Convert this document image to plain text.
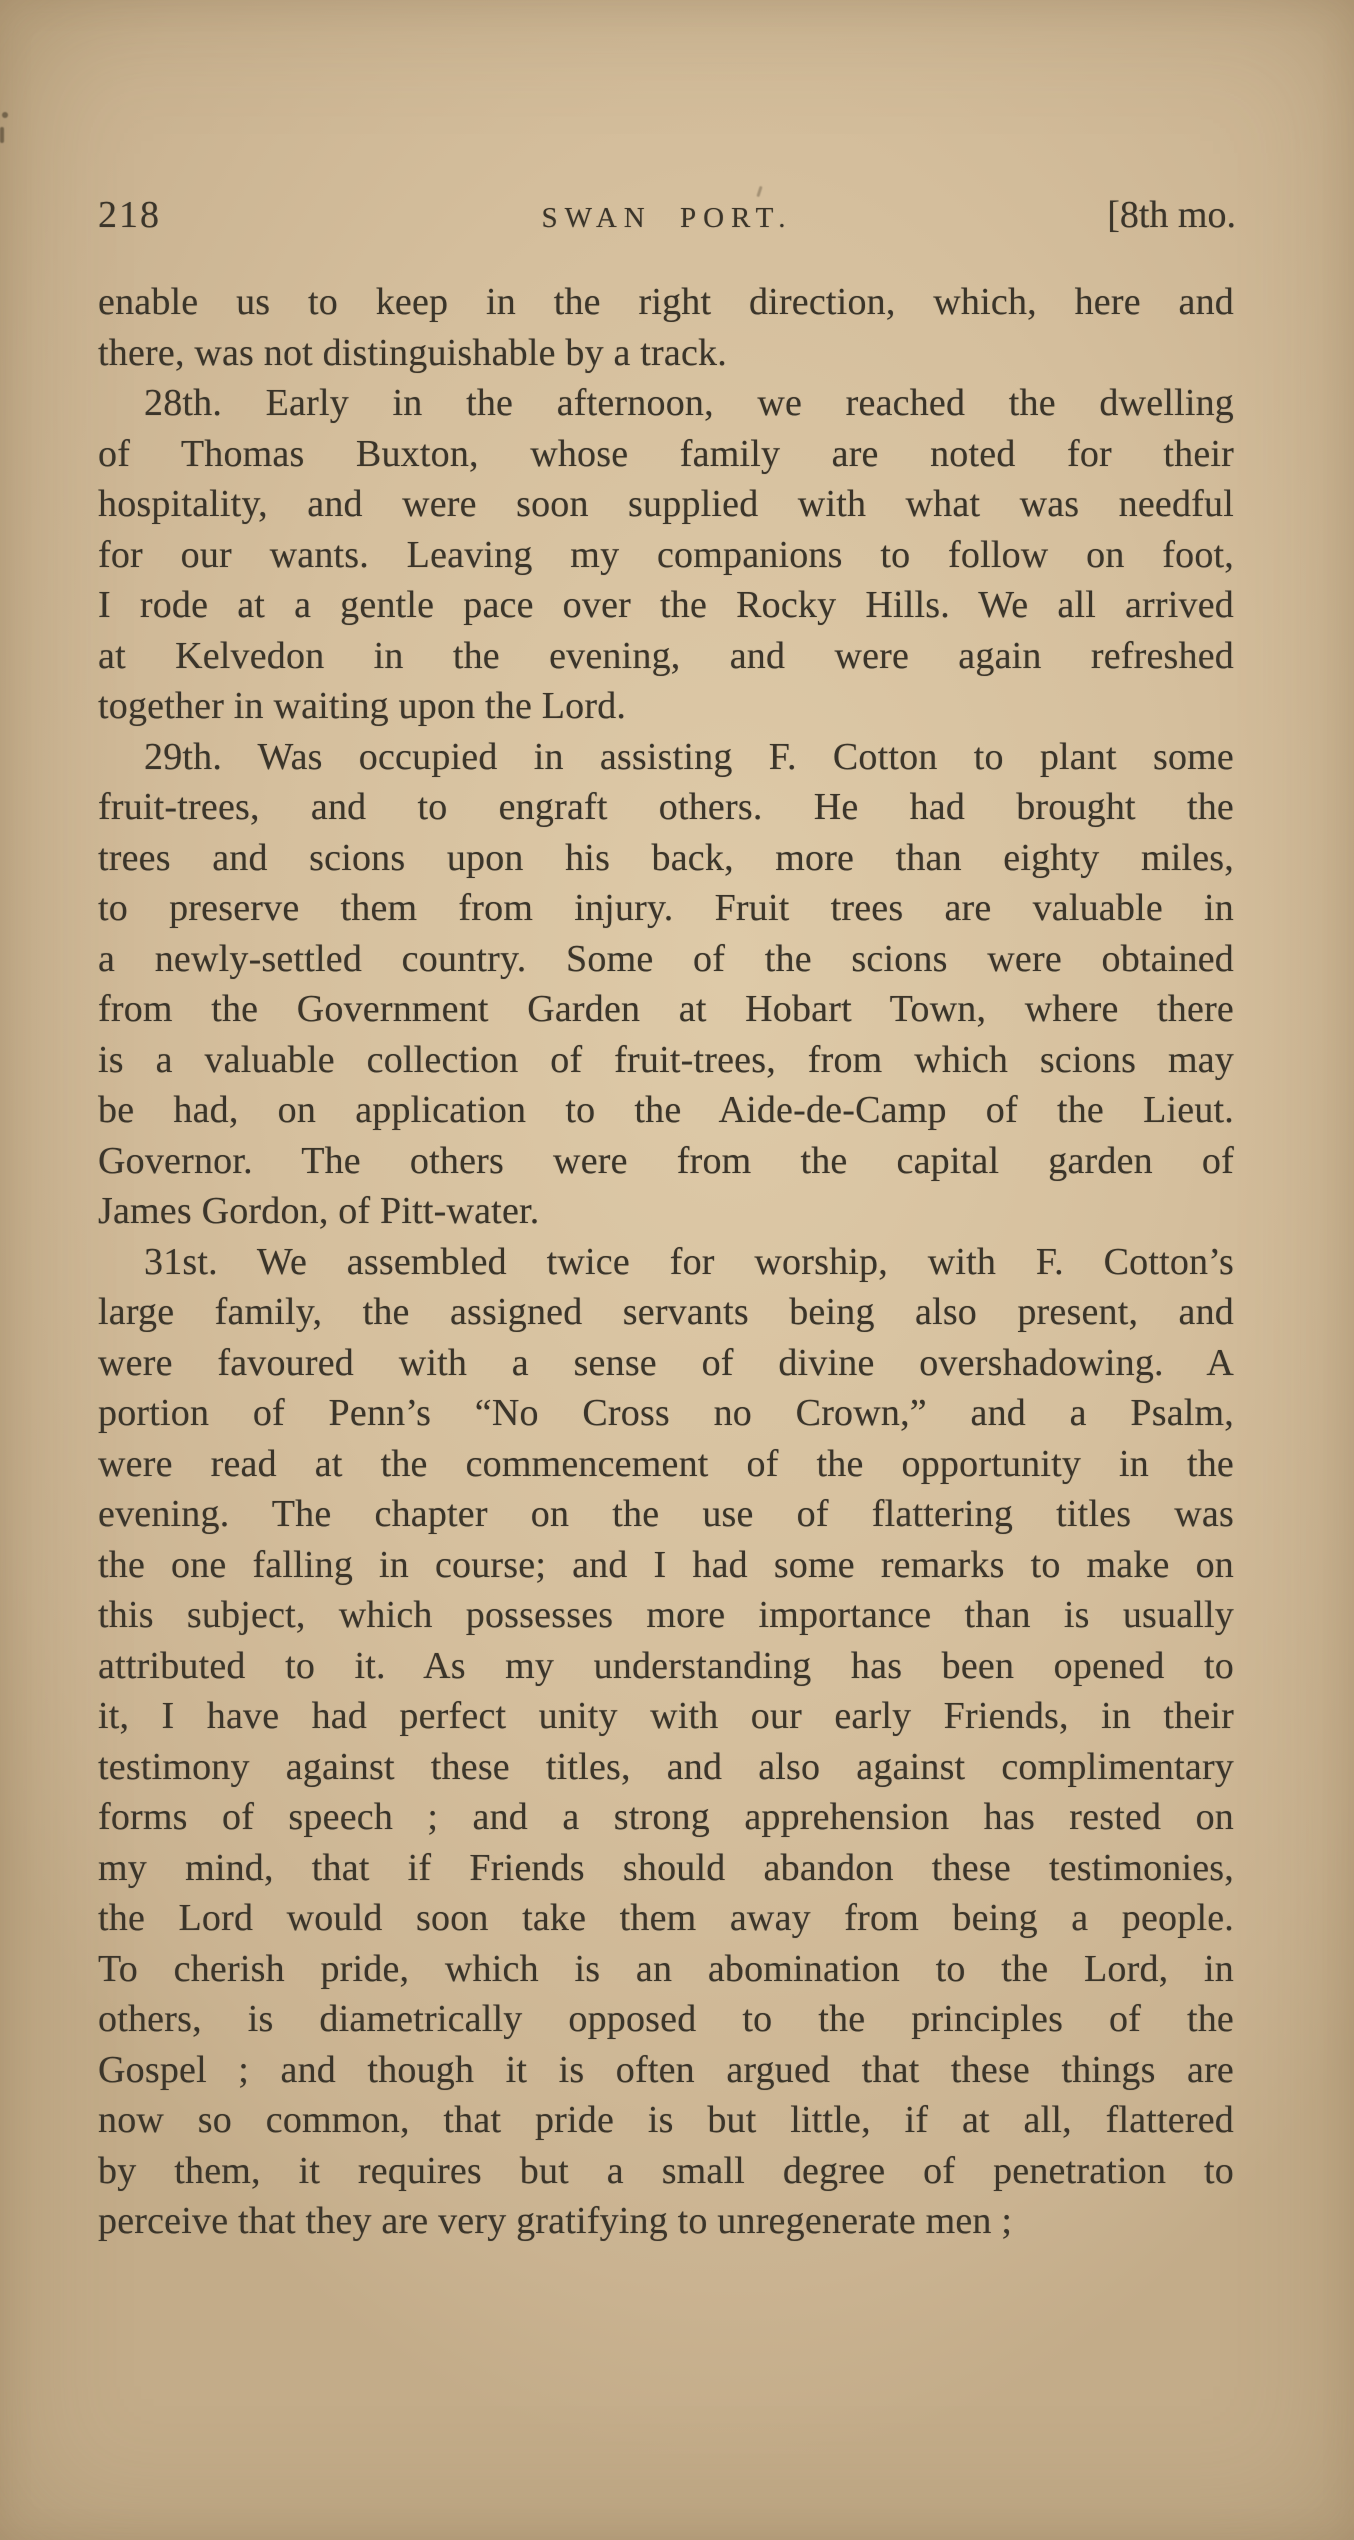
218	SWAN PORT.	[8th mo.
enable us to keep in the right direction, which, here and
there, was not distinguishable by a track.
28th. Early in the afternoon, we reached the dwelling
of Thomas Buxton, whose family are noted for their
hospitality, and were soon supplied with what was needful
for our wants. Leaving my companions to follow on foot,
I rode at a gentle pace over the Rocky Hills. We all arrived
at Kelvedon in the evening, and were again refreshed
together in waiting upon the Lord.
29th. Was occupied in assisting F. Cotton to plant some
fruit-trees, and to engraft others. He had brought the
trees and scions upon his back, more than eighty miles,
to preserve them from injury. Fruit trees are valuable in
a newly-settled country. Some of the scions were obtained
from the Government Garden at Hobart Town, where there
is a valuable collection of fruit-trees, from which scions may
be had, on application to the Aide-de-Camp of the Lieut.
Governor. The others were from the capital garden of
James Gordon, of Pitt-water.
31st. We assembled twice for worship, with F. Cotton’s
large family, the assigned servants being also present, and
were favoured with a sense of divine overshadowing. A
portion of Penn’s “No Cross no Crown,” and a Psalm,
were read at the commencement of the opportunity in the
evening. The chapter on the use of flattering titles was
the one falling in course; and I had some remarks to make on
this subject, which possesses more importance than is usually
attributed to it. As my understanding has been opened to
it, I have had perfect unity with our early Friends, in their
testimony against these titles, and also against complimentary
forms of speech ; and a strong apprehension has rested on
my mind, that if Friends should abandon these testimonies,
the Lord would soon take them away from being a people.
To cherish pride, which is an abomination to the Lord, in
others, is diametrically opposed to the principles of the
Gospel ; and though it is often argued that these things are
now so common, that pride is but little, if at all, flattered
by them, it requires but a small degree of penetration to
perceive that they are very gratifying to unregenerate men ;
